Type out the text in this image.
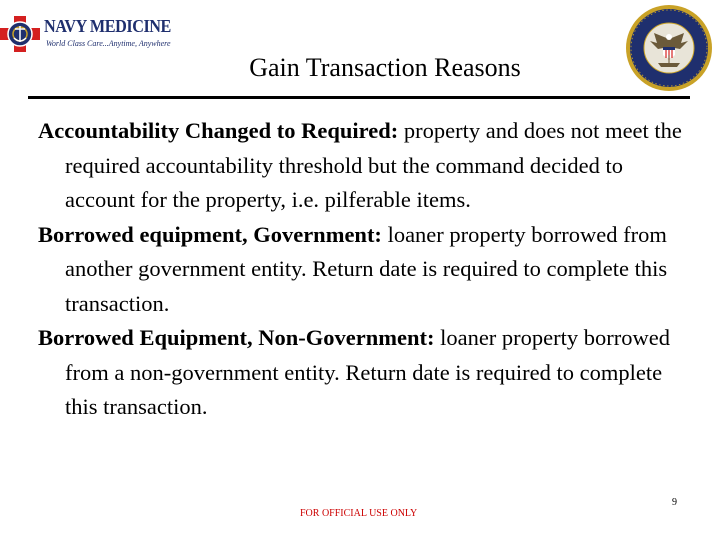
NAVY MEDICINE
World Class Care...Anytime, Anywhere
Gain Transaction Reasons

Accountability Changed to Required: property and does not meet the required accountability threshold but the command decided to account for the property, i.e. pilferable items.

Borrowed equipment, Government: loaner property borrowed from another government entity. Return date is required to complete this transaction.

Borrowed Equipment, Non-Government: loaner property borrowed from a non-government entity. Return date is required to complete this transaction.

FOR OFFICIAL USE ONLY
9
